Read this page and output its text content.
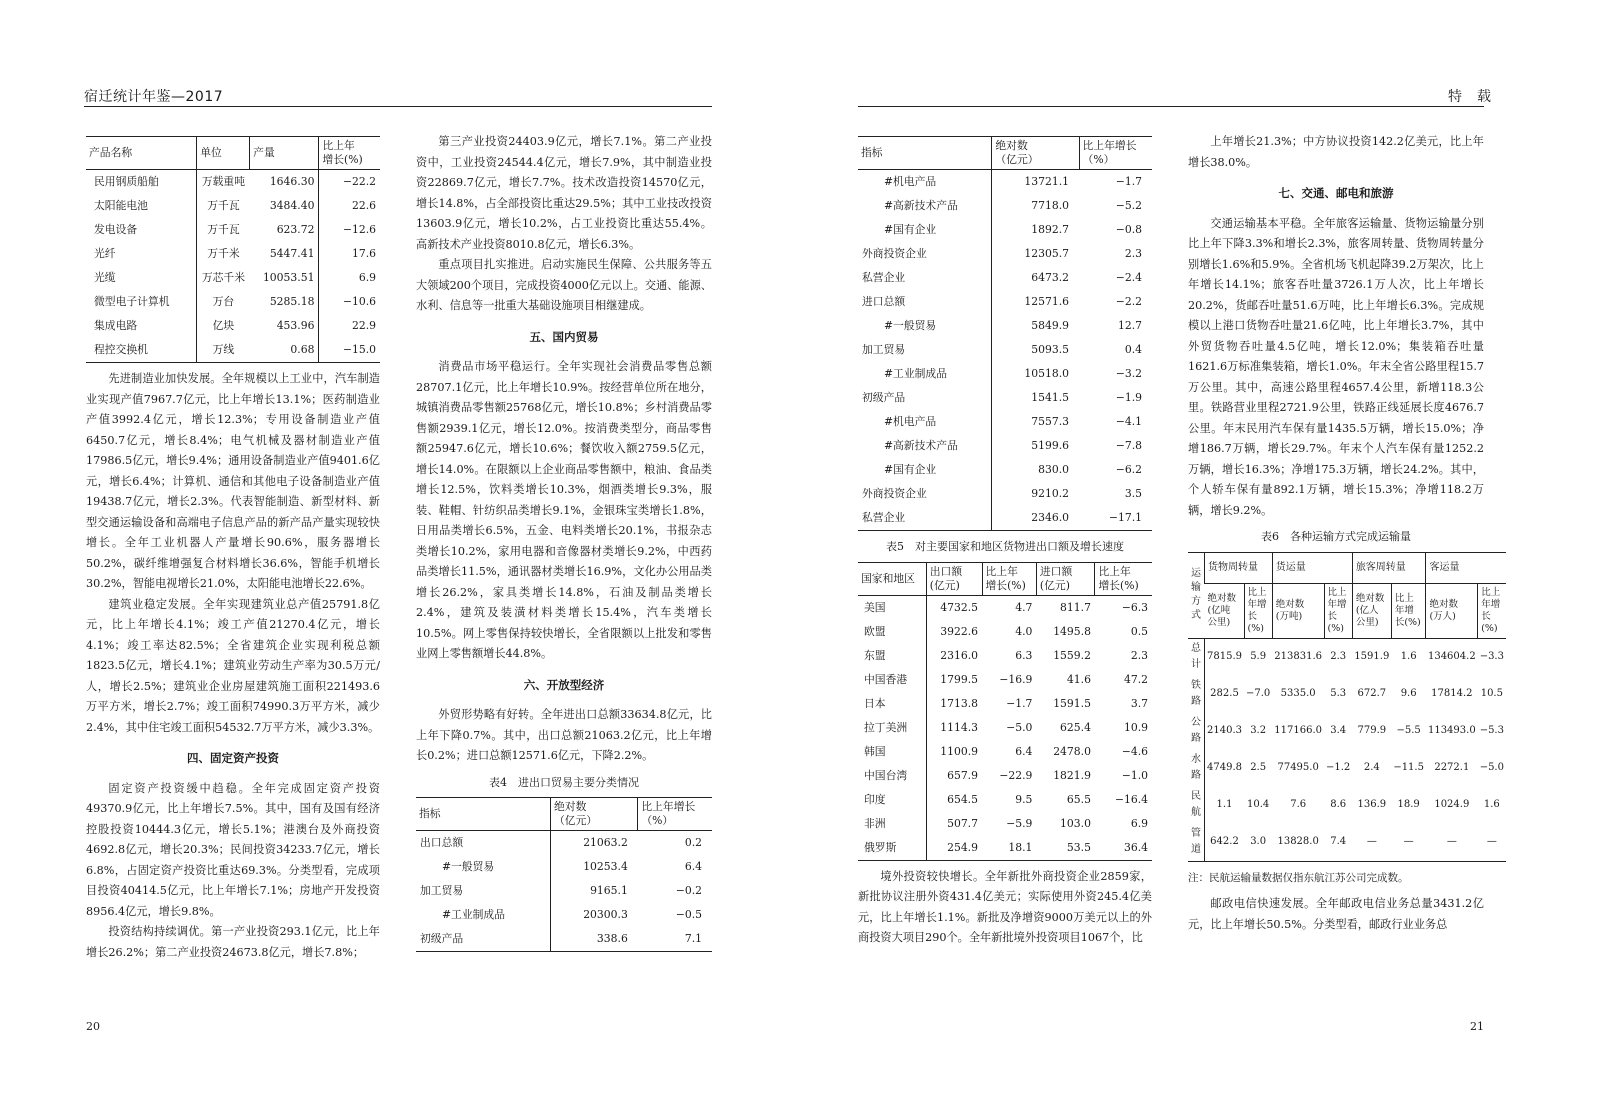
宿迁统计年鉴—2017
产品名称	单位	产量	比上年
增长(%)
民用钢质船舶	万载重吨	1646.30	−22.2
太阳能电池	万千瓦	3484.40	22.6
发电设备	万千瓦	623.72	−12.6
光纤	万千米	5447.41	17.6
光缆	万芯千米	10053.51	6.9
微型电子计算机	万台	5285.18	−10.6
集成电路	亿块	453.96	22.9
程控交换机	万线	0.68	−15.0

先进制造业加快发展。全年规模以上工业中，汽车制造业实现产值7967.7亿元，比上年增长13.1%；医药制造业产值3992.4亿元，增长12.3%；专用设备制造业产值6450.7亿元，增长8.4%；电气机械及器材制造业产值17986.5亿元，增长9.4%；通用设备制造业产值9401.6亿元，增长6.4%；计算机、通信和其他电子设备制造业产值19438.7亿元，增长2.3%。代表智能制造、新型材料、新型交通运输设备和高端电子信息产品的新产品产量实现较快增长。全年工业机器人产量增长90.6%，服务器增长50.2%，碳纤维增强复合材料增长36.6%，智能手机增长30.2%，智能电视增长21.0%，太阳能电池增长22.6%。

建筑业稳定发展。全年实现建筑业总产值25791.8亿元，比上年增长4.1%；竣工产值21270.4亿元，增长4.1%；竣工率达82.5%；全省建筑企业实现利税总额1823.5亿元，增长4.1%；建筑业劳动生产率为30.5万元/人，增长2.5%；建筑业企业房屋建筑施工面积221493.6万平方米，增长2.7%；竣工面积74990.3万平方米，减少2.4%，其中住宅竣工面积54532.7万平方米，减少3.3%。

四、固定资产投资

固定资产投资缓中趋稳。全年完成固定资产投资49370.9亿元，比上年增长7.5%。其中，国有及国有经济控股投资10444.3亿元，增长5.1%；港澳台及外商投资4692.8亿元，增长20.3%；民间投资34233.7亿元，增长6.8%，占固定资产投资比重达69.3%。分类型看，完成项目投资40414.5亿元，比上年增长7.1%；房地产开发投资8956.4亿元，增长9.8%。

投资结构持续调优。第一产业投资293.1亿元，比上年增长26.2%；第二产业投资24673.8亿元，增长7.8%；

第三产业投资24403.9亿元，增长7.1%。第二产业投资中，工业投资24544.4亿元，增长7.9%，其中制造业投资22869.7亿元，增长7.7%。技术改造投资14570亿元，增长14.8%，占全部投资比重达29.5%；其中工业技改投资13603.9亿元，增长10.2%，占工业投资比重达55.4%。高新技术产业投资8010.8亿元，增长6.3%。

重点项目扎实推进。启动实施民生保障、公共服务等五大领域200个项目，完成投资4000亿元以上。交通、能源、水利、信息等一批重大基础设施项目相继建成。

五、国内贸易

消费品市场平稳运行。全年实现社会消费品零售总额28707.1亿元，比上年增长10.9%。按经营单位所在地分，城镇消费品零售额25768亿元，增长10.8%；乡村消费品零售额2939.1亿元，增长12.0%。按消费类型分，商品零售额25947.6亿元，增长10.6%；餐饮收入额2759.5亿元，增长14.0%。在限额以上企业商品零售额中，粮油、食品类增长12.5%，饮料类增长10.3%，烟酒类增长9.3%，服装、鞋帽、针纺织品类增长9.1%，金银珠宝类增长1.8%，日用品类增长6.5%，五金、电料类增长20.1%，书报杂志类增长10.2%，家用电器和音像器材类增长9.2%，中西药品类增长11.5%，通讯器材类增长16.9%，文化办公用品类增长26.2%，家具类增长14.8%，石油及制品类增长2.4%，建筑及装潢材料类增长15.4%，汽车类增长10.5%。网上零售保持较快增长，全省限额以上批发和零售业网上零售额增长44.8%。

六、开放型经济

外贸形势略有好转。全年进出口总额33634.8亿元，比上年下降0.7%。其中，出口总额21063.2亿元，比上年增长0.2%；进口总额12571.6亿元，下降2.2%。

表4　进出口贸易主要分类情况
指标	绝对数
（亿元）	比上年增长
（%）
出口总额	21063.2	0.2
#一般贸易	10253.4	6.4
加工贸易	9165.1	−0.2
#工业制成品	20300.3	−0.5
初级产品	338.6	7.1
20
特　载
指标	绝对数
（亿元）	比上年增长
（%）
#机电产品	13721.1	−1.7
#高新技术产品	7718.0	−5.2
#国有企业	1892.7	−0.8
外商投资企业	12305.7	2.3
私营企业	6473.2	−2.4
进口总额	12571.6	−2.2
#一般贸易	5849.9	12.7
加工贸易	5093.5	0.4
#工业制成品	10518.0	−3.2
初级产品	1541.5	−1.9
#机电产品	7557.3	−4.1
#高新技术产品	5199.6	−7.8
#国有企业	830.0	−6.2
外商投资企业	9210.2	3.5
私营企业	2346.0	−17.1
表5　对主要国家和地区货物进出口额及增长速度
国家和地区	出口额
(亿元)	比上年
增长(%)	进口额
(亿元)	比上年
增长(%)
美国	4732.5	4.7	811.7	−6.3
欧盟	3922.6	4.0	1495.8	0.5
东盟	2316.0	6.3	1559.2	2.3
中国香港	1799.5	−16.9	41.6	47.2
日本	1713.8	−1.7	1591.5	3.7
拉丁美洲	1114.3	−5.0	625.4	10.9
韩国	1100.9	6.4	2478.0	−4.6
中国台湾	657.9	−22.9	1821.9	−1.0
印度	654.5	9.5	65.5	−16.4
非洲	507.7	−5.9	103.0	6.9
俄罗斯	254.9	18.1	53.5	36.4

境外投资较快增长。全年新批外商投资企业2859家，新批协议注册外资431.4亿美元；实际使用外资245.4亿美元，比上年增长1.1%。新批及净增资9000万美元以上的外商投资大项目290个。全年新批境外投资项目1067个，比

上年增长21.3%；中方协议投资142.2亿美元，比上年增长38.0%。

七、交通、邮电和旅游

交通运输基本平稳。全年旅客运输量、货物运输量分别比上年下降3.3%和增长2.3%，旅客周转量、货物周转量分别增长1.6%和5.9%。全省机场飞机起降39.2万架次，比上年增长14.1%；旅客吞吐量3726.1万人次，比上年增长20.2%，货邮吞吐量51.6万吨，比上年增长6.3%。完成规模以上港口货物吞吐量21.6亿吨，比上年增长3.7%，其中外贸货物吞吐量4.5亿吨，增长12.0%；集装箱吞吐量1621.6万标准集装箱，增长1.0%。年末全省公路里程15.7万公里。其中，高速公路里程4657.4公里，新增118.3公里。铁路营业里程2721.9公里，铁路正线延展长度4676.7公里。年末民用汽车保有量1435.5万辆，增长15.0%；净增186.7万辆，增长29.7%。年末个人汽车保有量1252.2万辆，增长16.3%；净增175.3万辆，增长24.2%。其中，个人轿车保有量892.1万辆，增长15.3%；净增118.2万辆，增长9.2%。

表6　各种运输方式完成运输量
运
输
方
式	货物周转量		货运量		旅客周转量		客运量	
	绝对数
(亿吨
公里)	比上
年增
长(%)	绝对数
(万吨)	比上
年增
长(%)	绝对数
(亿人
公里)	比上
年增
长(%)	绝对数
(万人)	比上
年增
长(%)
总
计	7815.9	5.9	213831.6	2.3	1591.9	1.6	134604.2	−3.3
铁
路	282.5	−7.0	5335.0	5.3	672.7	9.6	17814.2	10.5
公
路	2140.3	3.2	117166.0	3.4	779.9	−5.5	113493.0	−5.3
水
路	4749.8	2.5	77495.0	−1.2	2.4	−11.5	2272.1	−5.0
民
航	1.1	10.4	7.6	8.6	136.9	18.9	1024.9	1.6
管
道	642.2	3.0	13828.0	7.4	—	—	—	—
注：民航运输量数据仅指东航江苏公司完成数。

邮政电信快速发展。全年邮政电信业务总量3431.2亿元，比上年增长50.5%。分类型看，邮政行业业务总

21
